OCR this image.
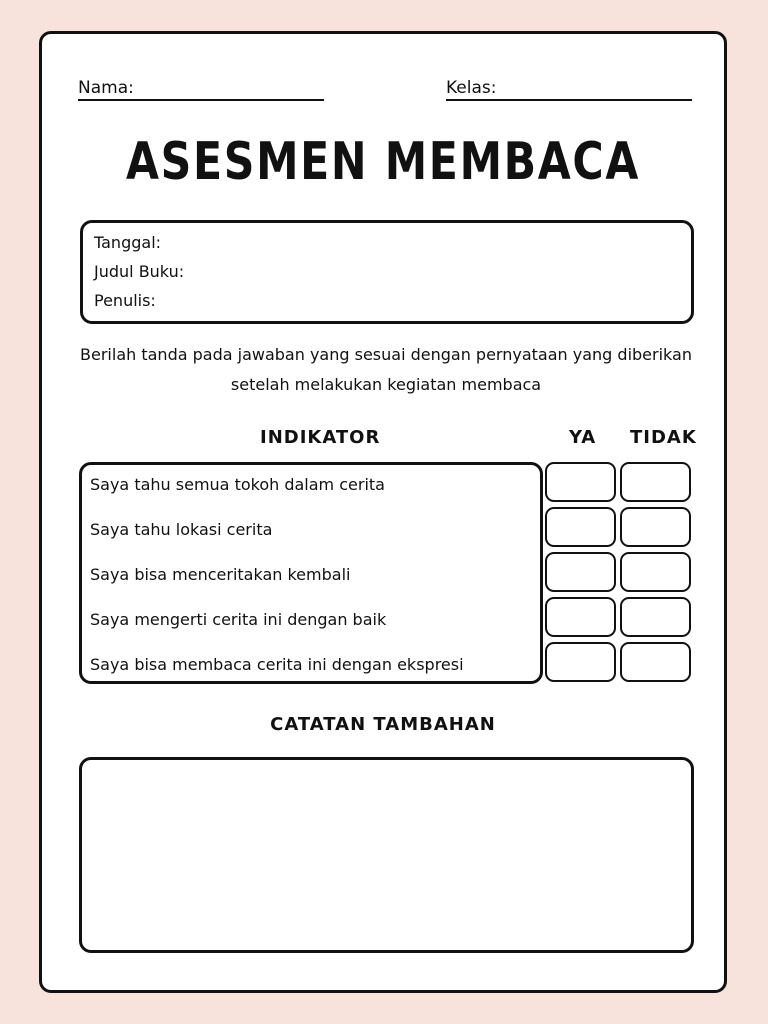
Nama:	Kelas:
ASESMEN MEMBACA
Tanggal:
Judul Buku:
Penulis:
Berilah tanda pada jawaban yang sesuai dengan pernyataan yang diberikan setelah melakukan kegiatan membaca
INDIKATOR	YA TIDAK
Saya tahu semua tokoh dalam cerita
Saya tahu lokasi cerita
Saya bisa menceritakan kembali
Saya mengerti cerita ini dengan baik
Saya bisa membaca cerita ini dengan ekspresi
CATATAN TAMBAHAN
